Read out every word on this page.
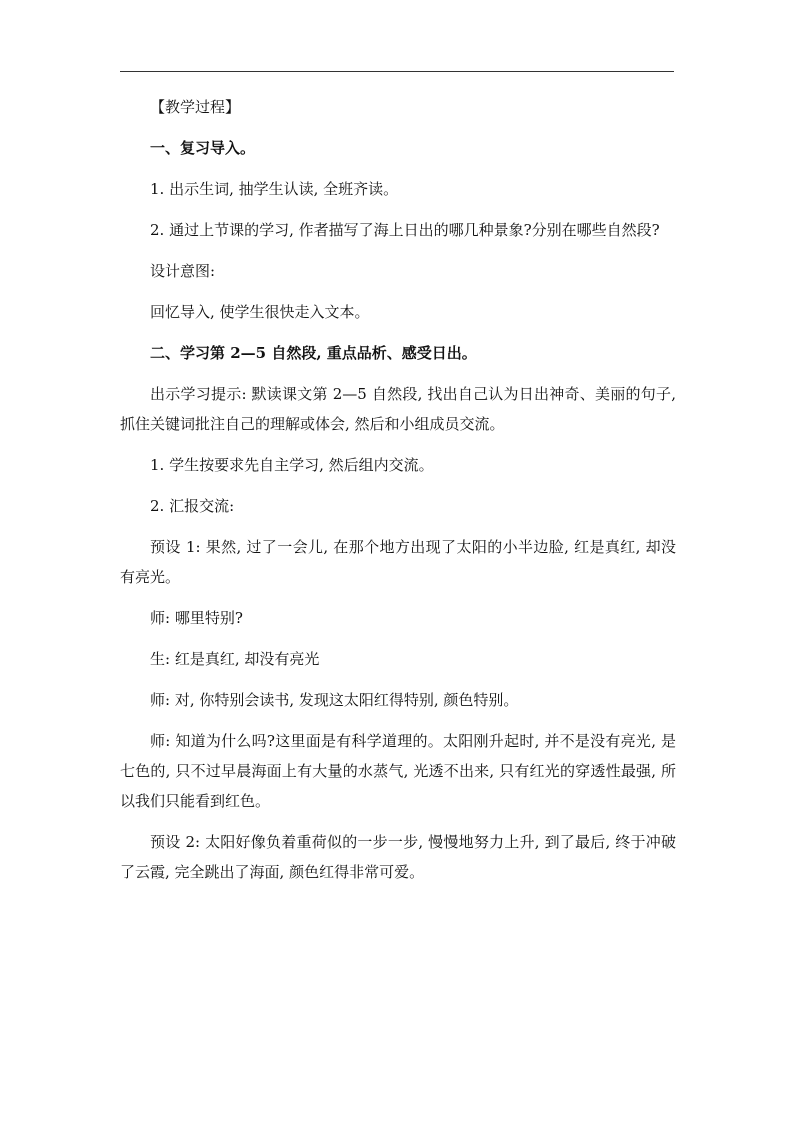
【教学过程】

一、复习导入。

1. 出示生词, 抽学生认读, 全班齐读。

2. 通过上节课的学习, 作者描写了海上日出的哪几种景象?分别在哪些自然段?

设计意图:

回忆导入, 使学生很快走入文本。

二、学习第 2—5 自然段, 重点品析、感受日出。

出示学习提示: 默读课文第 2—5 自然段, 找出自己认为日出神奇、美丽的句子, 抓住关键词批注自己的理解或体会, 然后和小组成员交流。

1. 学生按要求先自主学习, 然后组内交流。

2. 汇报交流:

预设 1: 果然, 过了一会儿, 在那个地方出现了太阳的小半边脸, 红是真红, 却没有亮光。

师: 哪里特别?

生: 红是真红, 却没有亮光

师: 对, 你特别会读书, 发现这太阳红得特别, 颜色特别。

师: 知道为什么吗?这里面是有科学道理的。太阳刚升起时, 并不是没有亮光, 是七色的, 只不过早晨海面上有大量的水蒸气, 光透不出来, 只有红光的穿透性最强, 所以我们只能看到红色。

预设 2: 太阳好像负着重荷似的一步一步, 慢慢地努力上升, 到了最后, 终于冲破了云霞, 完全跳出了海面, 颜色红得非常可爱。
